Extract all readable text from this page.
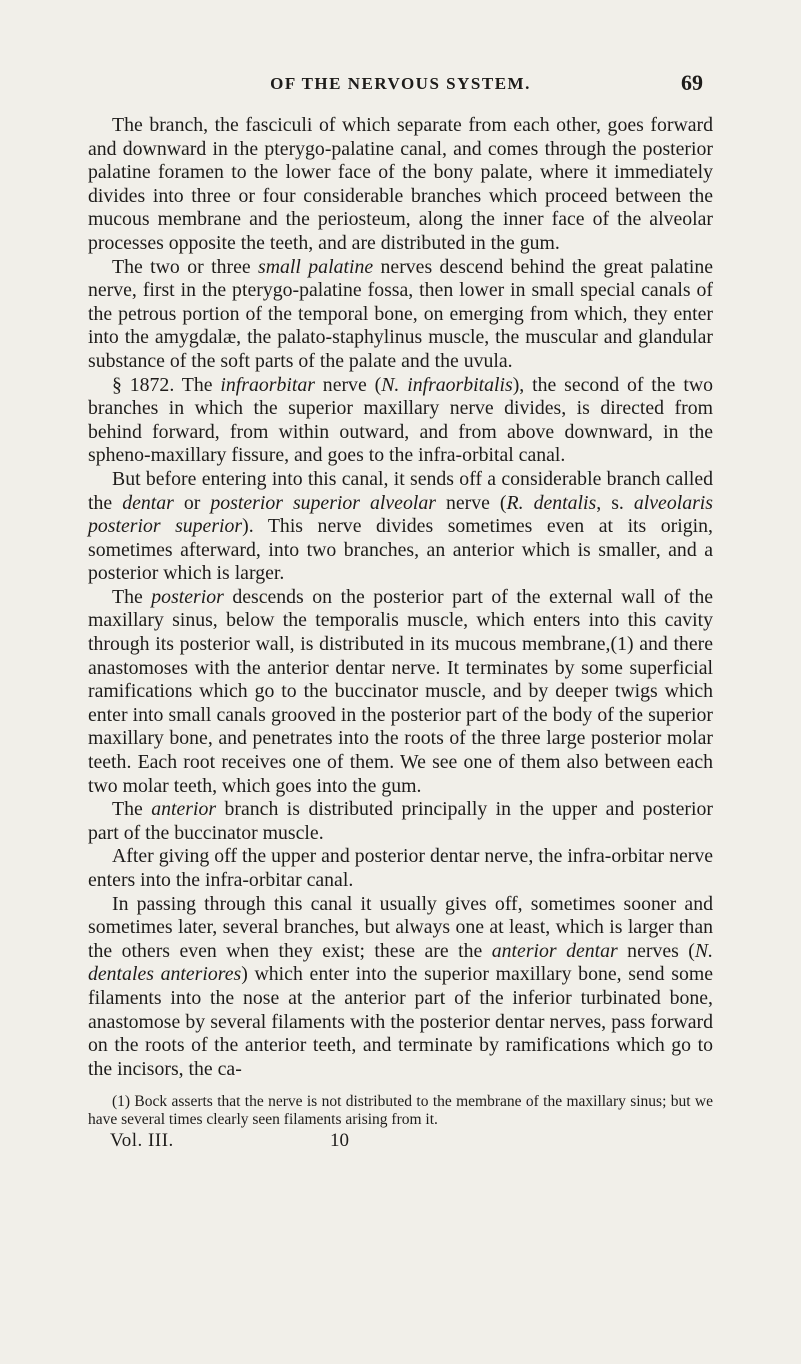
OF THE NERVOUS SYSTEM.	69

The branch, the fasciculi of which separate from each other, goes forward and downward in the pterygo-palatine canal, and comes through the posterior palatine foramen to the lower face of the bony palate, where it immediately divides into three or four considerable branches which proceed between the mucous membrane and the periosteum, along the inner face of the alveolar processes opposite the teeth, and are distributed in the gum.

The two or three small palatine nerves descend behind the great palatine nerve, first in the pterygo-palatine fossa, then lower in small special canals of the petrous portion of the temporal bone, on emerging from which, they enter into the amygdalæ, the palato-staphylinus muscle, the muscular and glandular substance of the soft parts of the palate and the uvula.

§ 1872. The infraorbitar nerve (N. infraorbitalis), the second of the two branches in which the superior maxillary nerve divides, is directed from behind forward, from within outward, and from above downward, in the spheno-maxillary fissure, and goes to the infra-orbital canal.

But before entering into this canal, it sends off a considerable branch called the dentar or posterior superior alveolar nerve (R. dentalis, s. alveolaris posterior superior). This nerve divides sometimes even at its origin, sometimes afterward, into two branches, an anterior which is smaller, and a posterior which is larger.

The posterior descends on the posterior part of the external wall of the maxillary sinus, below the temporalis muscle, which enters into this cavity through its posterior wall, is distributed in its mucous membrane,(1) and there anastomoses with the anterior dentar nerve. It terminates by some superficial ramifications which go to the buccinator muscle, and by deeper twigs which enter into small canals grooved in the posterior part of the body of the superior maxillary bone, and penetrates into the roots of the three large posterior molar teeth. Each root receives one of them. We see one of them also between each two molar teeth, which goes into the gum.

The anterior branch is distributed principally in the upper and posterior part of the buccinator muscle.

After giving off the upper and posterior dentar nerve, the infra-orbitar nerve enters into the infra-orbitar canal.

In passing through this canal it usually gives off, sometimes sooner and sometimes later, several branches, but always one at least, which is larger than the others even when they exist; these are the anterior dentar nerves (N. dentales anteriores) which enter into the superior maxillary bone, send some filaments into the nose at the anterior part of the inferior turbinated bone, anastomose by several filaments with the posterior dentar nerves, pass forward on the roots of the anterior teeth, and terminate by ramifications which go to the incisors, the ca-

(1) Bock asserts that the nerve is not distributed to the membrane of the maxillary sinus; but we have several times clearly seen filaments arising from it.

Vol. III.	10
